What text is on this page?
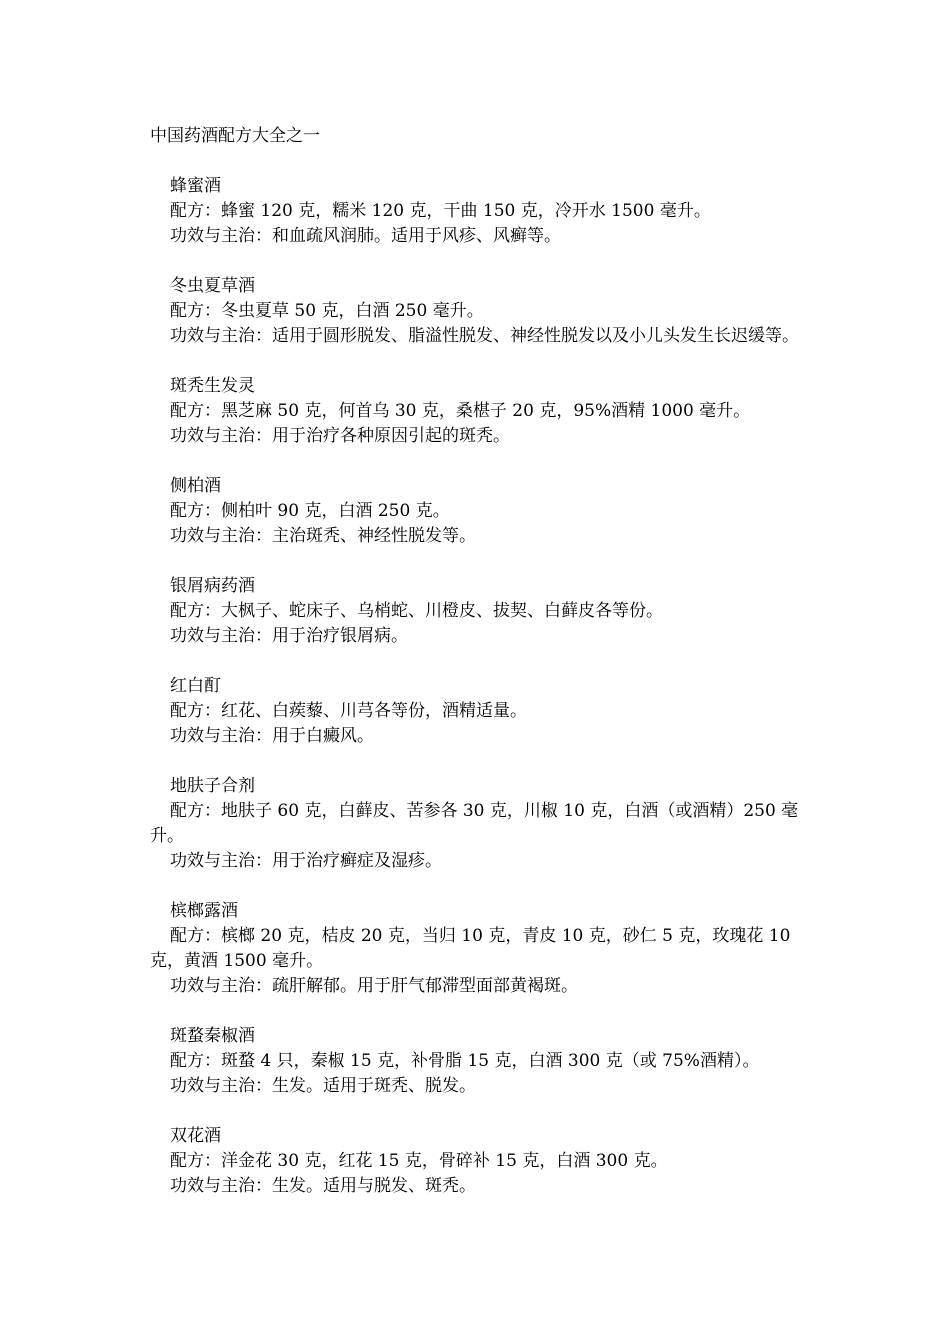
中国药酒配方大全之一

蜂蜜酒

配方：蜂蜜 120 克，糯米 120 克，干曲 150 克，冷开水 1500 毫升。

功效与主治：和血疏风润肺。适用于风疹、风癣等。

冬虫夏草酒

配方：冬虫夏草 50 克，白酒 250 毫升。

功效与主治：适用于圆形脱发、脂溢性脱发、神经性脱发以及小儿头发生长迟缓等。

斑秃生发灵

配方：黑芝麻 50 克，何首乌 30 克，桑椹子 20 克，95%酒精 1000 毫升。

功效与主治：用于治疗各种原因引起的斑秃。

侧柏酒

配方：侧柏叶 90 克，白酒 250 克。

功效与主治：主治斑秃、神经性脱发等。

银屑病药酒

配方：大枫子、蛇床子、乌梢蛇、川橙皮、拔契、白藓皮各等份。

功效与主治：用于治疗银屑病。

红白酊

配方：红花、白蒺藜、川芎各等份，酒精适量。

功效与主治：用于白癜风。

地肤子合剂

配方：地肤子 60 克，白藓皮、苦参各 30 克，川椒 10 克，白酒（或酒精）250 毫升。

功效与主治：用于治疗癣症及湿疹。

槟榔露酒

配方：槟榔 20 克，桔皮 20 克，当归 10 克，青皮 10 克，砂仁 5 克，玫瑰花 10 克，黄酒 1500 毫升。

功效与主治：疏肝解郁。用于肝气郁滞型面部黄褐斑。

斑蝥秦椒酒

配方：斑蝥 4 只，秦椒 15 克，补骨脂 15 克，白酒 300 克（或 75%酒精）。

功效与主治：生发。适用于斑秃、脱发。

双花酒

配方：洋金花 30 克，红花 15 克，骨碎补 15 克，白酒 300 克。

功效与主治：生发。适用与脱发、斑秃。
